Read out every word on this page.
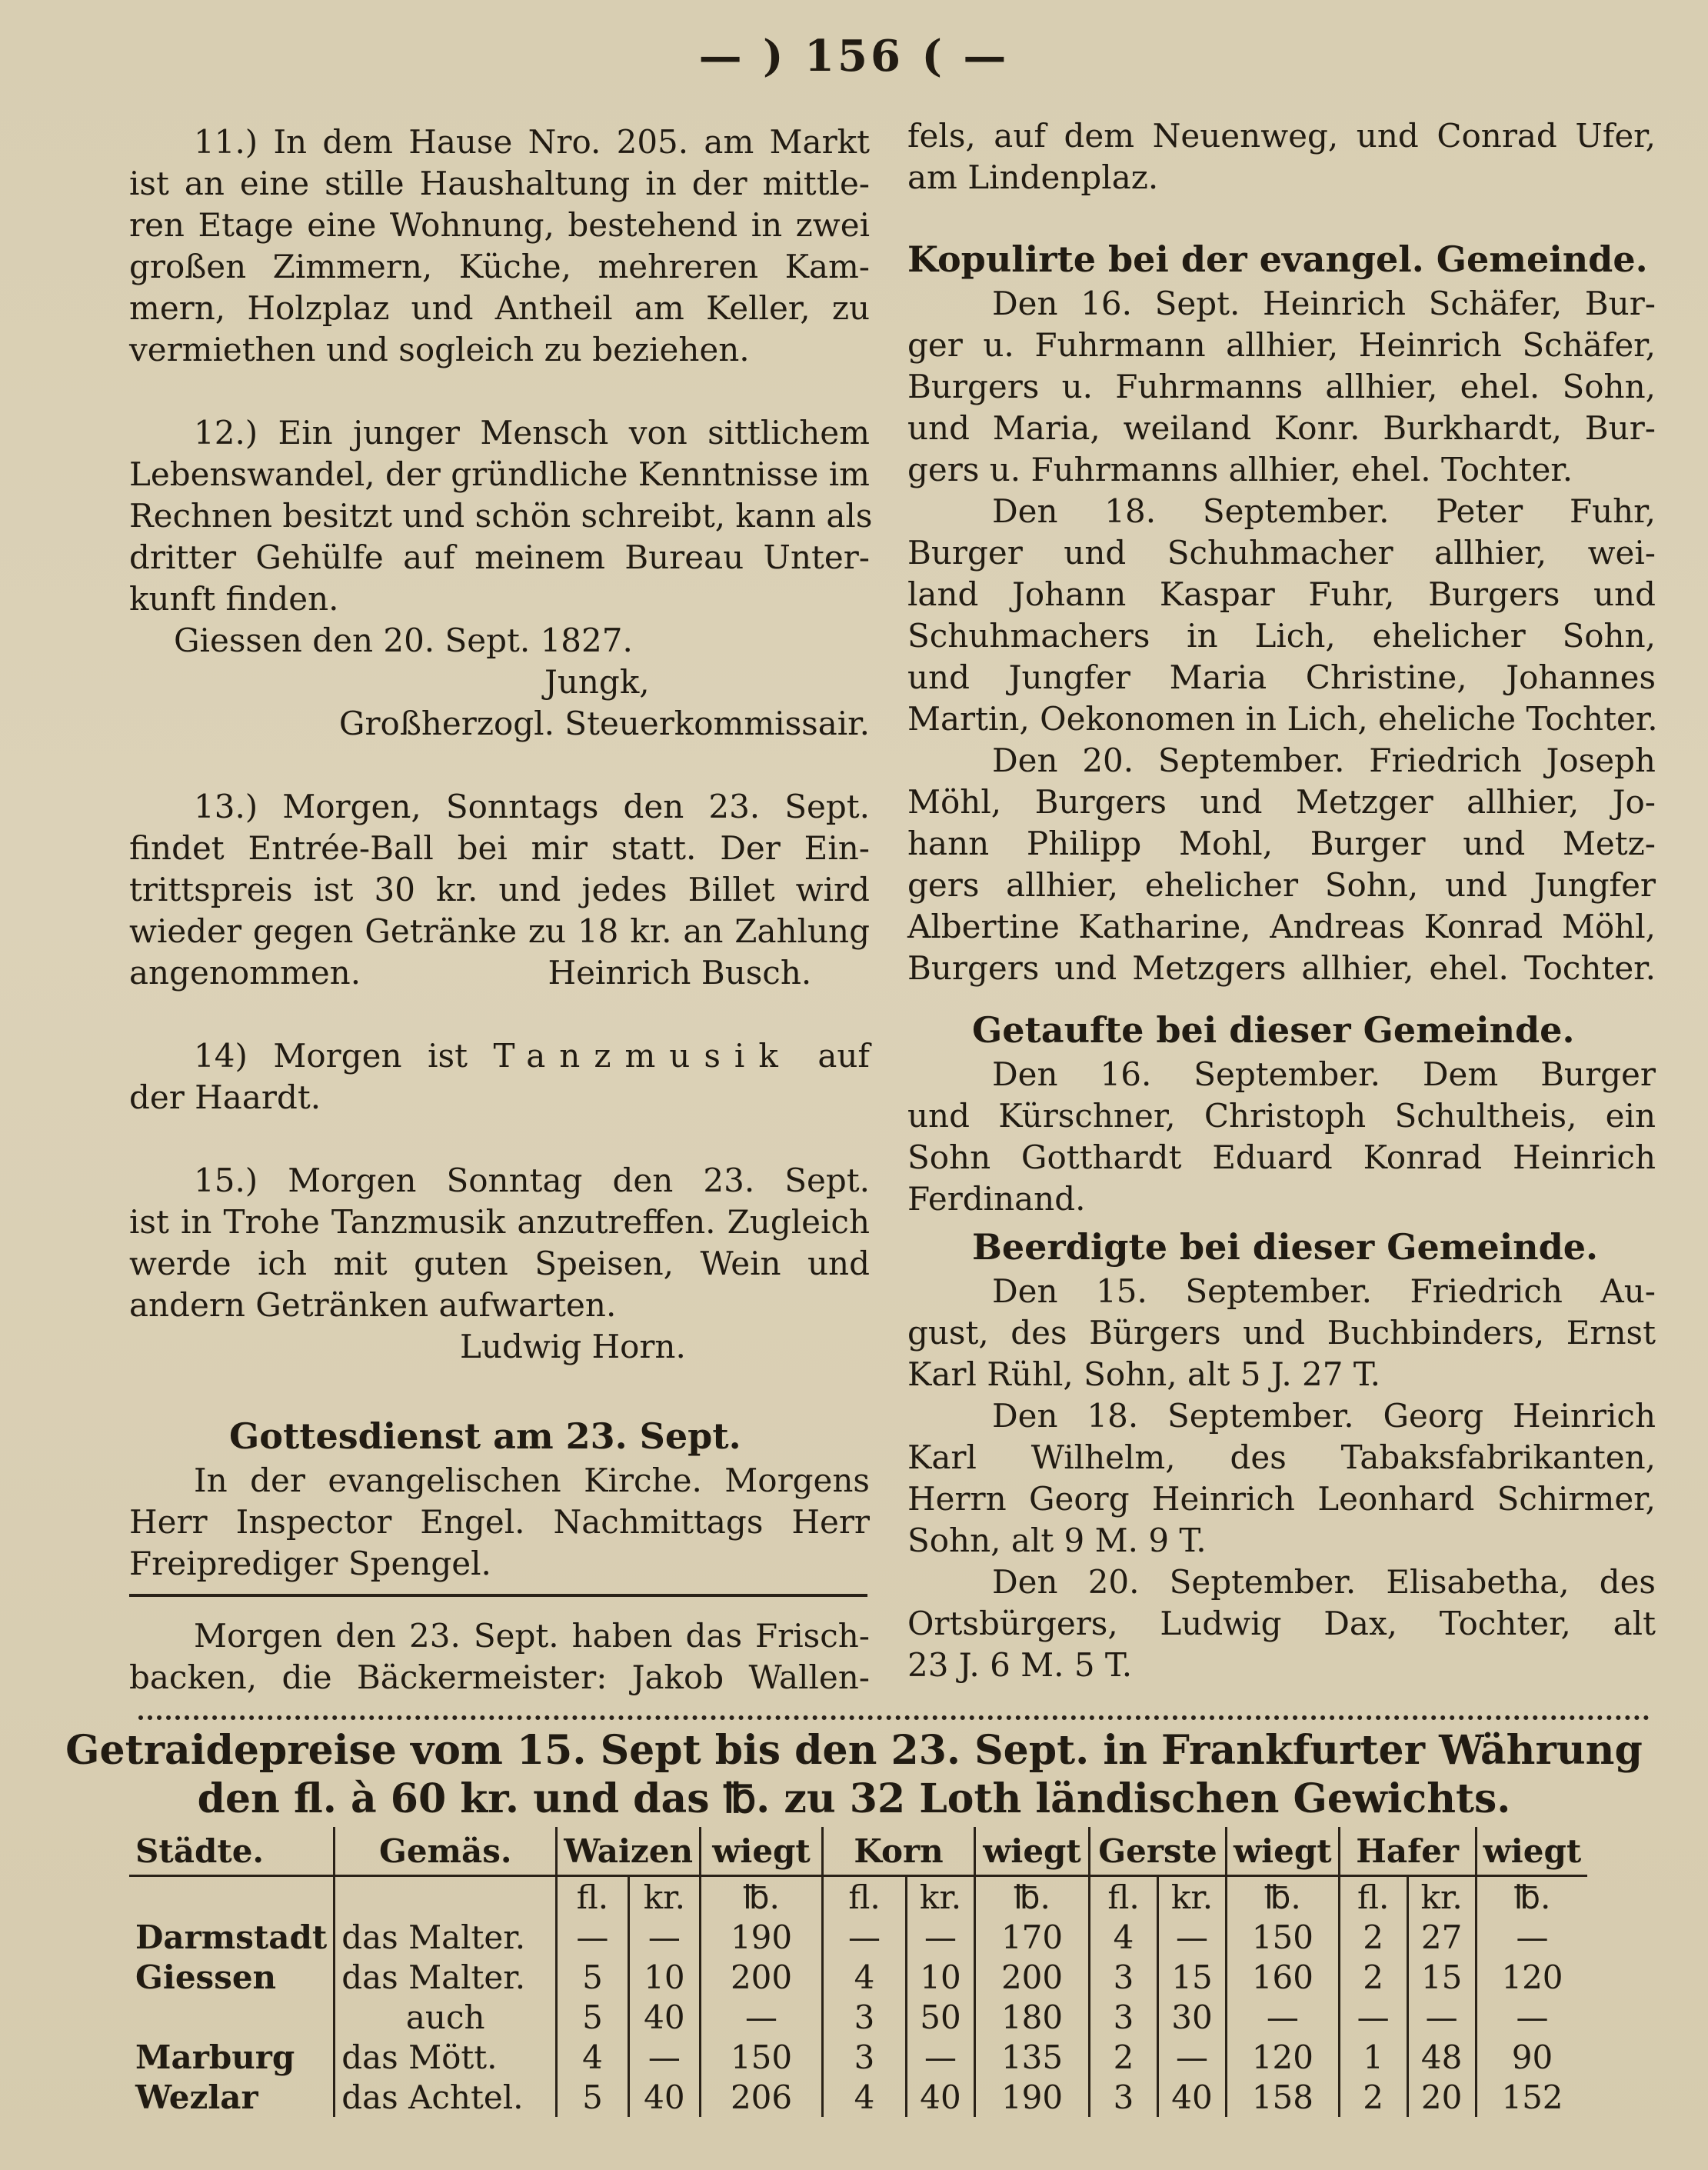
— ) 156 ( —

11.) In dem Hause Nro. 205. am Markt

ist an eine stille Haushaltung in der mittle-

ren Etage eine Wohnung, bestehend in zwei

großen Zimmern, Küche, mehreren Kam-

mern, Holzplaz und Antheil am Keller, zu

vermiethen und sogleich zu beziehen.

12.) Ein junger Mensch von sittlichem

Lebenswandel, der gründliche Kenntnisse im

Rechnen besitzt und schön schreibt, kann als

dritter Gehülfe auf meinem Bureau Unter-

kunft finden.

Giessen den 20. Sept. 1827.

Jungk,

Großherzogl. Steuerkommissair.

13.) Morgen, Sonntags den 23. Sept.

findet Entrée-Ball bei mir statt. Der Ein-

trittspreis ist 30 kr. und jedes Billet wird

wieder gegen Getränke zu 18 kr. an Zahlung

angenommen.	Heinrich Busch.

14) Morgen ist Tanzmusik auf

der Haardt.

15.) Morgen Sonntag den 23. Sept.

ist in Trohe Tanzmusik anzutreffen. Zugleich

werde ich mit guten Speisen, Wein und

andern Getränken aufwarten.

Ludwig Horn.

Gottesdienst am 23. Sept.

In der evangelischen Kirche. Morgens

Herr Inspector Engel. Nachmittags Herr

Freiprediger Spengel.

Morgen den 23. Sept. haben das Frisch-

backen, die Bäckermeister: Jakob Wallen-

fels, auf dem Neuenweg, und Conrad Ufer,

am Lindenplaz.

Kopulirte bei der evangel. Gemeinde.

Den 16. Sept. Heinrich Schäfer, Bur-

ger u. Fuhrmann allhier, Heinrich Schäfer,

Burgers u. Fuhrmanns allhier, ehel. Sohn,

und Maria, weiland Konr. Burkhardt, Bur-

gers u. Fuhrmanns allhier, ehel. Tochter.

Den 18. September. Peter Fuhr,

Burger und Schuhmacher allhier, wei-

land Johann Kaspar Fuhr, Burgers und

Schuhmachers in Lich, ehelicher Sohn,

und Jungfer Maria Christine, Johannes

Martin, Oekonomen in Lich, eheliche Tochter.

Den 20. September. Friedrich Joseph

Möhl, Burgers und Metzger allhier, Jo-

hann Philipp Mohl, Burger und Metz-

gers allhier, ehelicher Sohn, und Jungfer

Albertine Katharine, Andreas Konrad Möhl,

Burgers und Metzgers allhier, ehel. Tochter.

Getaufte bei dieser Gemeinde.

Den 16. September. Dem Burger

und Kürschner, Christoph Schultheis, ein

Sohn Gotthardt Eduard Konrad Heinrich

Ferdinand.

Beerdigte bei dieser Gemeinde.

Den 15. September. Friedrich Au-

gust, des Bürgers und Buchbinders, Ernst

Karl Rühl, Sohn, alt 5 J. 27 T.

Den 18. September. Georg Heinrich

Karl Wilhelm, des Tabaksfabrikanten,

Herrn Georg Heinrich Leonhard Schirmer,

Sohn, alt 9 M. 9 T.

Den 20. September. Elisabetha, des

Ortsbürgers, Ludwig Dax, Tochter, alt

23 J. 6 M. 5 T.

Getraidepreise vom 15. Sept bis den 23. Sept. in Frankfurter Währung
den fl. à 60 kr. und das ℔. zu 32 Loth ländischen Gewichts.
Städte.	Gemäs.	Waizen		wiegt	Korn		wiegt	Gerste		wiegt	Hafer		wiegt
		fl.	kr.	℔.	fl.	kr.	℔.	fl.	kr.	℔.	fl.	kr.	℔.
Darmstadt	das Malter.	—	—	190	—	—	170	4	—	150	2	27	—
Giessen	das Malter.	5	10	200	4	10	200	3	15	160	2	15	120
	auch	5	40	—	3	50	180	3	30	—	—	—	—
Marburg	das Mött.	4	—	150	3	—	135	2	—	120	1	48	90
Wezlar	das Achtel.	5	40	206	4	40	190	3	40	158	2	20	152
